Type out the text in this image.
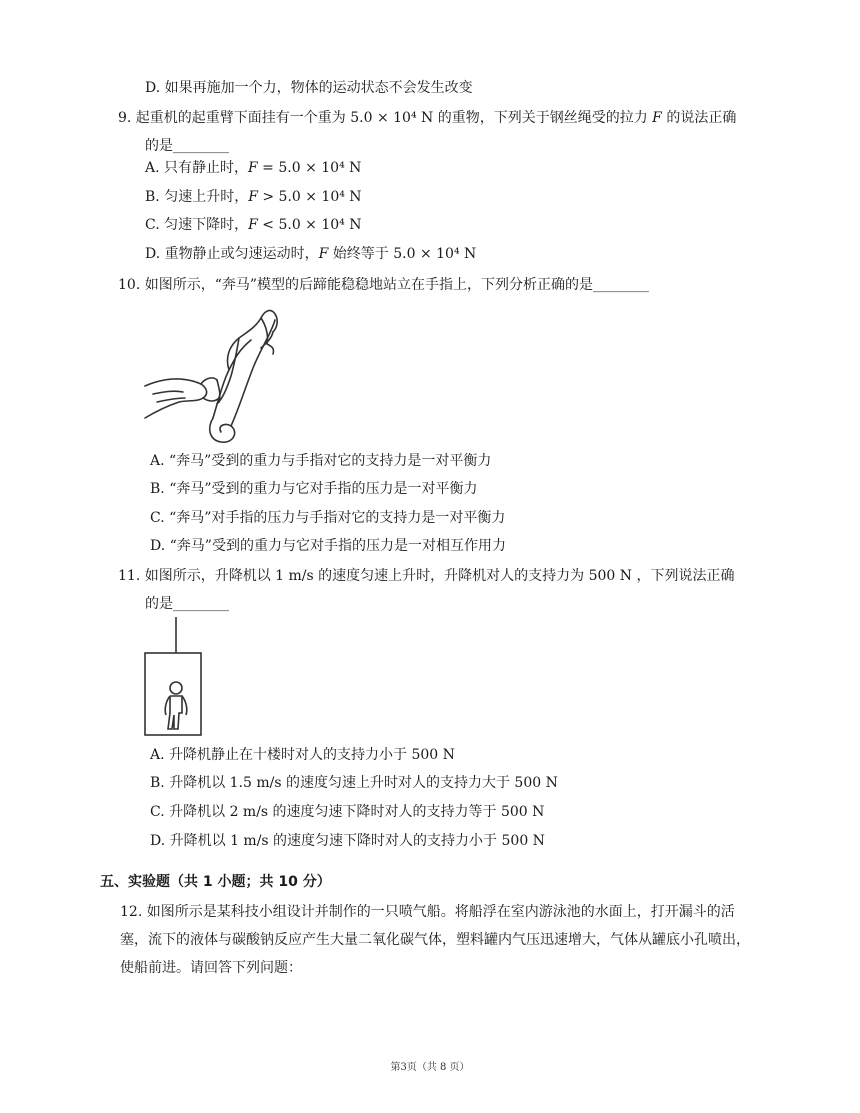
D. 如果再施加一个力，物体的运动状态不会发生改变
9. 起重机的起重臂下面挂有一个重为 5.0 × 10⁴ N 的重物，下列关于钢丝绳受的拉力 𝐹 的说法正确
的是________
A. 只有静止时，𝐹 = 5.0 × 10⁴ N
B. 匀速上升时，𝐹 > 5.0 × 10⁴ N
C. 匀速下降时，𝐹 < 5.0 × 10⁴ N
D. 重物静止或匀速运动时，𝐹 始终等于 5.0 × 10⁴ N
10. 如图所示，“奔马”模型的后蹄能稳稳地站立在手指上，下列分析正确的是________
A. “奔马”受到的重力与手指对它的支持力是一对平衡力
B. “奔马”受到的重力与它对手指的压力是一对平衡力
C. “奔马”对手指的压力与手指对它的支持力是一对平衡力
D. “奔马”受到的重力与它对手指的压力是一对相互作用力
11. 如图所示，升降机以 1 m/s 的速度匀速上升时，升降机对人的支持力为 500 N ，下列说法正确
的是________
A. 升降机静止在十楼时对人的支持力小于 500 N
B. 升降机以 1.5 m/s 的速度匀速上升时对人的支持力大于 500 N
C. 升降机以 2 m/s 的速度匀速下降时对人的支持力等于 500 N
D. 升降机以 1 m/s 的速度匀速下降时对人的支持力小于 500 N
五、实验题（共 1 小题；共 10 分）
12. 如图所示是某科技小组设计并制作的一只喷气船。将船浮在室内游泳池的水面上，打开漏斗的活塞，流下的液体与碳酸钠反应产生大量二氧化碳气体，塑料罐内气压迅速增大，气体从罐底小孔喷出，使船前进。请回答下列问题：
第3页（共 8 页）
